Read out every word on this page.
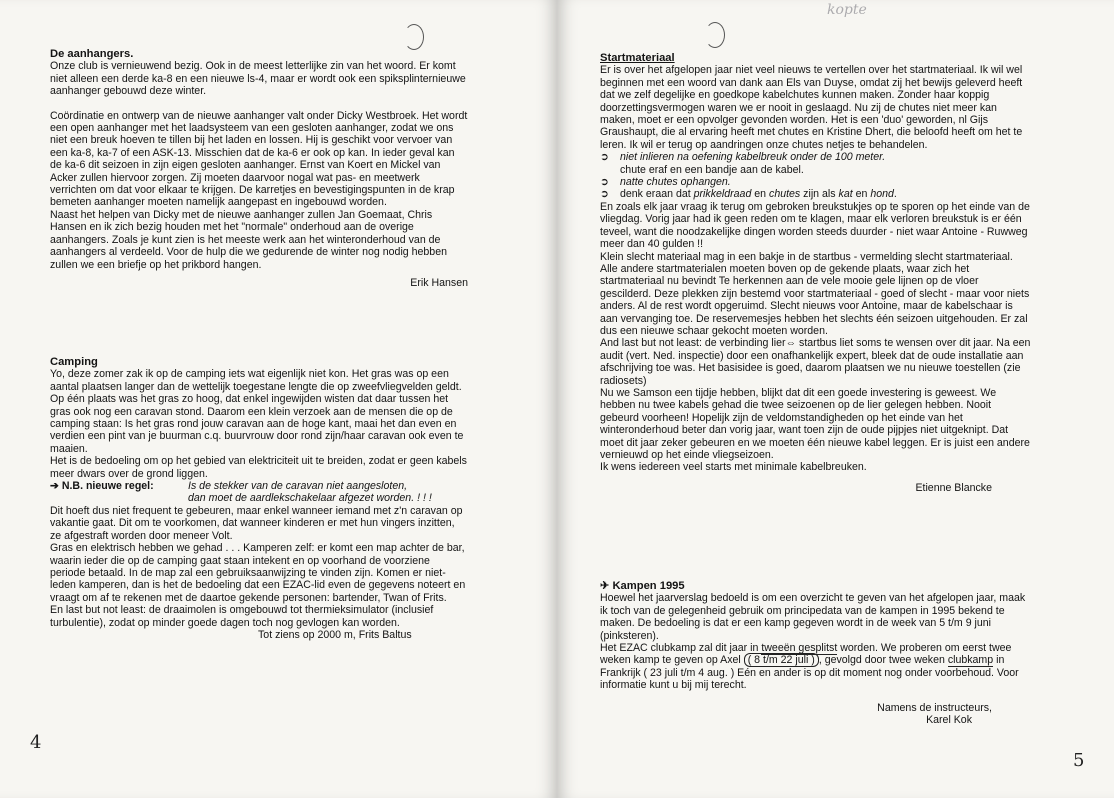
De aanhangers.

Onze club is vernieuwend bezig. Ook in de meest letterlijke zin van het woord. Er komt niet alleen een derde ka-8 en een nieuwe ls-4, maar er wordt ook een spiksplinternieuwe aanhanger gebouwd deze winter.

Coördinatie en ontwerp van de nieuwe aanhanger valt onder Dicky Westbroek. Het wordt een open aanhanger met het laadsysteem van een gesloten aanhanger, zodat we ons niet een breuk hoeven te tillen bij het laden en lossen. Hij is geschikt voor vervoer van een ka-8, ka-7 of een ASK-13. Misschien dat de ka-6 er ook op kan. In ieder geval kan de ka-6 dit seizoen in zijn eigen gesloten aanhanger. Ernst van Koert en Mickel van Acker zullen hiervoor zorgen. Zij moeten daarvoor nogal wat pas- en meetwerk verrichten om dat voor elkaar te krijgen. De karretjes en bevestigingspunten in de krap bemeten aanhanger moeten namelijk aangepast en ingebouwd worden.

Naast het helpen van Dicky met de nieuwe aanhanger zullen Jan Goemaat, Chris Hansen en ik zich bezig houden met het "normale" onderhoud aan de overige aanhangers. Zoals je kunt zien is het meeste werk aan het winteronderhoud van de aanhangers al verdeeld. Voor de hulp die we gedurende de winter nog nodig hebben zullen we een briefje op het prikbord hangen.

Erik Hansen

Camping

Yo, deze zomer zak ik op de camping iets wat eigenlijk niet kon. Het gras was op een aantal plaatsen langer dan de wettelijk toegestane lengte die op zweefvliegvelden geldt. Op één plaats was het gras zo hoog, dat enkel ingewijden wisten dat daar tussen het gras ook nog een caravan stond. Daarom een klein verzoek aan de mensen die op de camping staan: Is het gras rond jouw caravan aan de hoge kant, maai het dan even en verdien een pint van je buurman c.q. buurvrouw door rond zijn/haar caravan ook even te maaien.

Het is de bedoeling om op het gebied van elektriciteit uit te breiden, zodat er geen kabels meer dwars over de grond liggen.

➔ N.B. nieuwe regel:	Is de stekker van de caravan niet aangesloten,
dan moet de aardlekschakelaar afgezet worden. ! ! !

Dit hoeft dus niet frequent te gebeuren, maar enkel wanneer iemand met z'n caravan op vakantie gaat. Dit om te voorkomen, dat wanneer kinderen er met hun vingers inzitten, ze afgestraft worden door meneer Volt.

Gras en elektrisch hebben we gehad . . . Kamperen zelf: er komt een map achter de bar, waarin ieder die op de camping gaat staan intekent en op voorhand de voorziene periode betaald. In de map zal een gebruiksaanwijzing te vinden zijn. Komen er niet-leden kamperen, dan is het de bedoeling dat een EZAC-lid even de gegevens noteert en vraagt om af te rekenen met de daartoe gekende personen: bartender, Twan of Frits.

En last but not least: de draaimolen is omgebouwd tot thermieksimulator (inclusief turbulentie), zodat op minder goede dagen toch nog gevlogen kan worden.

Tot ziens op 2000 m, Frits Baltus

4
kopte

Startmateriaal

Er is over het afgelopen jaar niet veel nieuws te vertellen over het startmateriaal. Ik wil wel beginnen met een woord van dank aan Els van Duyse, omdat zij het bewijs geleverd heeft dat we zelf degelijke en goedkope kabelchutes kunnen maken. Zonder haar koppig doorzettingsvermogen waren we er nooit in geslaagd. Nu zij de chutes niet meer kan maken, moet er een opvolger gevonden worden. Het is een 'duo' geworden, nl Gijs Graushaupt, die al ervaring heeft met chutes en Kristine Dhert, die beloofd heeft om het te leren. Ik wil er terug op aandringen onze chutes netjes te behandelen.

➲	niet inlieren na oefening kabelbreuk onder de 100 meter.
chute eraf en een bandje aan de kabel.
➲	natte chutes ophangen.
➲	denk eraan dat prikkeldraad en chutes zijn als kat en hond.

En zoals elk jaar vraag ik terug om gebroken breukstukjes op te sporen op het einde van de vliegdag. Vorig jaar had ik geen reden om te klagen, maar elk verloren breukstuk is er één teveel, want die noodzakelijke dingen worden steeds duurder - niet waar Antoine - Ruwweg meer dan 40 gulden !!

Klein slecht materiaal mag in een bakje in de startbus - vermelding slecht startmateriaal. Alle andere startmaterialen moeten boven op de gekende plaats, waar zich het startmateriaal nu bevindt Te herkennen aan de vele mooie gele lijnen op de vloer gescilderd. Deze plekken zijn bestemd voor startmateriaal - goed of slecht - maar voor niets anders. Al de rest wordt opgeruimd. Slecht nieuws voor Antoine, maar de kabelschaar is aan vervanging toe. De reservemesjes hebben het slechts één seizoen uitgehouden. Er zal dus een nieuwe schaar gekocht moeten worden.

And last but not least: de verbinding lier⇔ startbus liet soms te wensen over dit jaar. Na een audit (vert. Ned. inspectie) door een onafhankelijk expert, bleek dat de oude installatie aan afschrijving toe was. Het basisidee is goed, daarom plaatsen we nu nieuwe toestellen (zie radiosets)

Nu we Samson een tijdje hebben, blijkt dat dit een goede investering is geweest. We hebben nu twee kabels gehad die twee seizoenen op de lier gelegen hebben. Nooit gebeurd voorheen! Hopelijk zijn de veldomstandigheden op het einde van het winteronderhoud beter dan vorig jaar, want toen zijn de oude pijpjes niet uitgeknipt. Dat moet dit jaar zeker gebeuren en we moeten één nieuwe kabel leggen. Er is juist een andere vernieuwd op het einde vliegseizoen.

Ik wens iedereen veel starts met minimale kabelbreuken.

Etienne Blancke

✈ Kampen 1995

Hoewel het jaarverslag bedoeld is om een overzicht te geven van het afgelopen jaar, maak ik toch van de gelegenheid gebruik om principedata van de kampen in 1995 bekend te maken. De bedoeling is dat er een kamp gegeven wordt in de week van 5 t/m 9 juni (pinksteren).

Het EZAC clubkamp zal dit jaar in tweeën gesplitst worden. We proberen om eerst twee weken kamp te geven op Axel ( 8 t/m 22 juli ) , gevolgd door twee weken clubkamp in Frankrijk ( 23 juli t/m 4 aug. ) Eén en ander is op dit moment nog onder voorbehoud. Voor informatie kunt u bij mij terecht.

Namens de instructeurs,

Karel Kok

5
